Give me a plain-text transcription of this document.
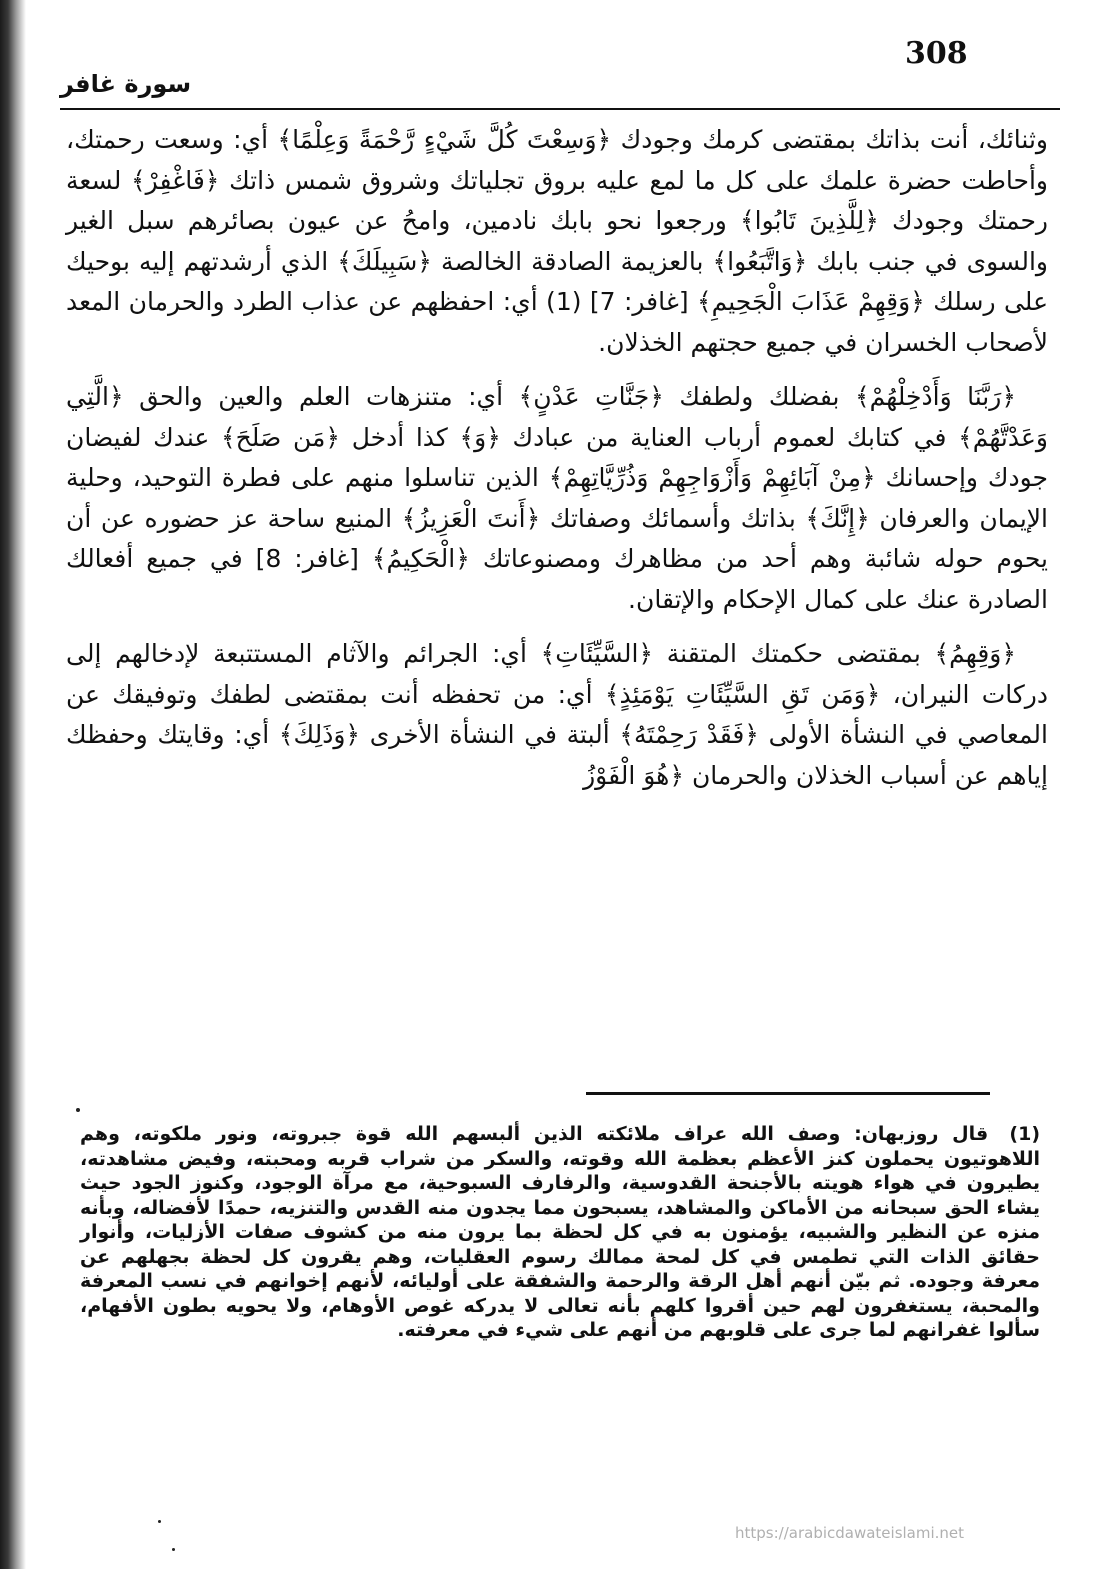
308
سورة غافر

وثنائك، أنت بذاتك بمقتضى كرمك وجودك ﴿وَسِعْتَ كُلَّ شَيْءٍ رَّحْمَةً وَعِلْمًا﴾ أي: وسعت رحمتك، وأحاطت حضرة علمك على كل ما لمع عليه بروق تجلياتك وشروق شمس ذاتك ﴿فَاغْفِرْ﴾ لسعة رحمتك وجودك ﴿لِلَّذِينَ تَابُوا﴾ ورجعوا نحو بابك نادمين، وامحُ عن عيون بصائرهم سبل الغير والسوى في جنب بابك ﴿وَاتَّبَعُوا﴾ بالعزيمة الصادقة الخالصة ﴿سَبِيلَكَ﴾ الذي أرشدتهم إليه بوحيك على رسلك ﴿وَقِهِمْ عَذَابَ الْجَحِيمِ﴾ [غافر: 7] (1) أي: احفظهم عن عذاب الطرد والحرمان المعد لأصحاب الخسران في جميع حجتهم الخذلان.

﴿رَبَّنَا وَأَدْخِلْهُمْ﴾ بفضلك ولطفك ﴿جَنَّاتِ عَدْنٍ﴾ أي: متنزهات العلم والعين والحق ﴿الَّتِي وَعَدْتَّهُمْ﴾ في كتابك لعموم أرباب العناية من عبادك ﴿وَ﴾ كذا أدخل ﴿مَن صَلَحَ﴾ عندك لفيضان جودك وإحسانك ﴿مِنْ آبَائِهِمْ وَأَزْوَاجِهِمْ وَذُرِّيَّاتِهِمْ﴾ الذين تناسلوا منهم على فطرة التوحيد، وحلية الإيمان والعرفان ﴿إِنَّكَ﴾ بذاتك وأسمائك وصفاتك ﴿أَنتَ الْعَزِيزُ﴾ المنيع ساحة عز حضوره عن أن يحوم حوله شائبة وهم أحد من مظاهرك ومصنوعاتك ﴿الْحَكِيمُ﴾ [غافر: 8] في جميع أفعالك الصادرة عنك على كمال الإحكام والإتقان.

﴿وَقِهِمُ﴾ بمقتضى حكمتك المتقنة ﴿السَّيِّئَاتِ﴾ أي: الجرائم والآثام المستتبعة لإدخالهم إلى دركات النيران، ﴿وَمَن تَقِ السَّيِّئَاتِ يَوْمَئِذٍ﴾ أي: من تحفظه أنت بمقتضى لطفك وتوفيقك عن المعاصي في النشأة الأولى ﴿فَقَدْ رَحِمْتَهُ﴾ ألبتة في النشأة الأخرى ﴿وَذَلِكَ﴾ أي: وقايتك وحفظك إياهم عن أسباب الخذلان والحرمان ﴿هُوَ الْفَوْزُ

(1) قال روزبهان: وصف الله عراف ملائكته الذين ألبسهم الله قوة جبروته، ونور ملكوته، وهم اللاهوتيون يحملون كنز الأعظم بعظمة الله وقوته، والسكر من شراب قربه ومحبته، وفيض مشاهدته، يطيرون في هواء هويته بالأجنحة القدوسية، والرفارف السبوحية، مع مرآة الوجود، وكنوز الجود حيث يشاء الحق سبحانه من الأماكن والمشاهد، يسبحون مما يجدون منه القدس والتنزيه، حمدًا لأفضاله، وبأنه منزه عن النظير والشبيه، يؤمنون به في كل لحظة بما يرون منه من كشوف صفات الأزليات، وأنوار حقائق الذات التي تطمس في كل لمحة ممالك رسوم العقليات، وهم يقرون كل لحظة بجهلهم عن معرفة وجوده. ثم بيّن أنهم أهل الرقة والرحمة والشفقة على أوليائه، لأنهم إخوانهم في نسب المعرفة والمحبة، يستغفرون لهم حين أقروا كلهم بأنه تعالى لا يدركه غوص الأوهام، ولا يحويه بطون الأفهام، سألوا غفرانهم لما جرى على قلوبهم من أنهم على شيء في معرفته.
https://arabicdawateislami.net
